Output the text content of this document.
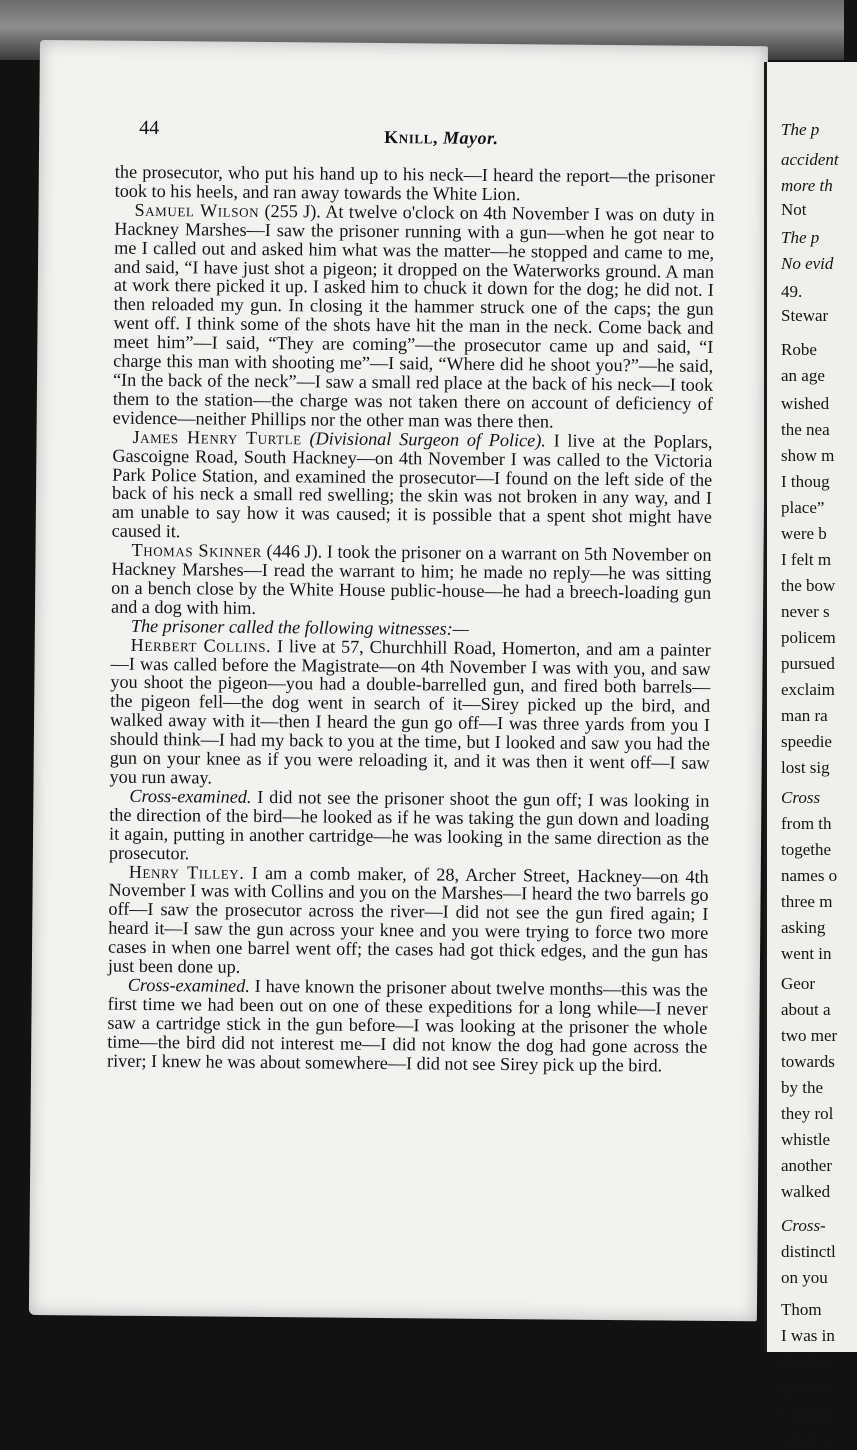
44	Knill, Mayor.

the prosecutor, who put his hand up to his neck—I heard the report—the prisoner took to his heels, and ran away towards the White Lion.

Samuel Wilson (255 J). At twelve o'clock on 4th November I was on duty in Hackney Marshes—I saw the prisoner running with a gun—when he got near to me I called out and asked him what was the matter—he stopped and came to me, and said, “I have just shot a pigeon; it dropped on the Waterworks ground. A man at work there picked it up. I asked him to chuck it down for the dog; he did not. I then reloaded my gun. In closing it the hammer struck one of the caps; the gun went off. I think some of the shots have hit the man in the neck. Come back and meet him”—I said, “They are coming”—the prosecutor came up and said, “I charge this man with shooting me”—I said, “Where did he shoot you?”—he said, “In the back of the neck”—I saw a small red place at the back of his neck—I took them to the station—the charge was not taken there on account of deficiency of evidence—neither Phillips nor the other man was there then.

James Henry Turtle (Divisional Surgeon of Police). I live at the Poplars, Gascoigne Road, South Hackney—on 4th November I was called to the Victoria Park Police Station, and examined the prosecutor—I found on the left side of the back of his neck a small red swelling; the skin was not broken in any way, and I am unable to say how it was caused; it is possible that a spent shot might have caused it.

Thomas Skinner (446 J). I took the prisoner on a warrant on 5th November on Hackney Marshes—I read the warrant to him; he made no reply—he was sitting on a bench close by the White House public-house—he had a breech-loading gun and a dog with him.

The prisoner called the following witnesses:—

Herbert Collins. I live at 57, Churchhill Road, Homerton, and am a painter—I was called before the Magistrate—on 4th November I was with you, and saw you shoot the pigeon—you had a double-barrelled gun, and fired both barrels—the pigeon fell—the dog went in search of it—Sirey picked up the bird, and walked away with it—then I heard the gun go off—I was three yards from you I should think—I had my back to you at the time, but I looked and saw you had the gun on your knee as if you were reloading it, and it was then it went off—I saw you run away.

Cross-examined. I did not see the prisoner shoot the gun off; I was looking in the direction of the bird—he looked as if he was taking the gun down and loading it again, putting in another cartridge—he was looking in the same direction as the prosecutor.

Henry Tilley. I am a comb maker, of 28, Archer Street, Hackney—on 4th November I was with Collins and you on the Marshes—I heard the two barrels go off—I saw the prosecutor across the river—I did not see the gun fired again; I heard it—I saw the gun across your knee and you were trying to force two more cases in when one barrel went off; the cases had got thick edges, and the gun has just been done up.

Cross-examined. I have known the prisoner about twelve months—this was the first time we had been out on one of these expeditions for a long while—I never saw a cartridge stick in the gun before—I was looking at the prisoner the whole time—the bird did not interest me—I did not know the dog had gone across the river; I knew he was about somewhere—I did not see Sirey pick up the bird.

The p
accident
more th
Not
The p
No evid
49.
Stewar
Robe
an age
wished
the nea
show m
I thoug
place”
were b
I felt m
the bow
never s
policem
pursued
exclaim
man ra
speedie
lost sig
Cross
from th
togethe
names o
three m
asking
went in
Geor
about a
two mer
towards
by the
they rol
whistle
another
walked
Cross-
distinctl
on you
Thom
I was in
the dire
gone in
running
yards, a
